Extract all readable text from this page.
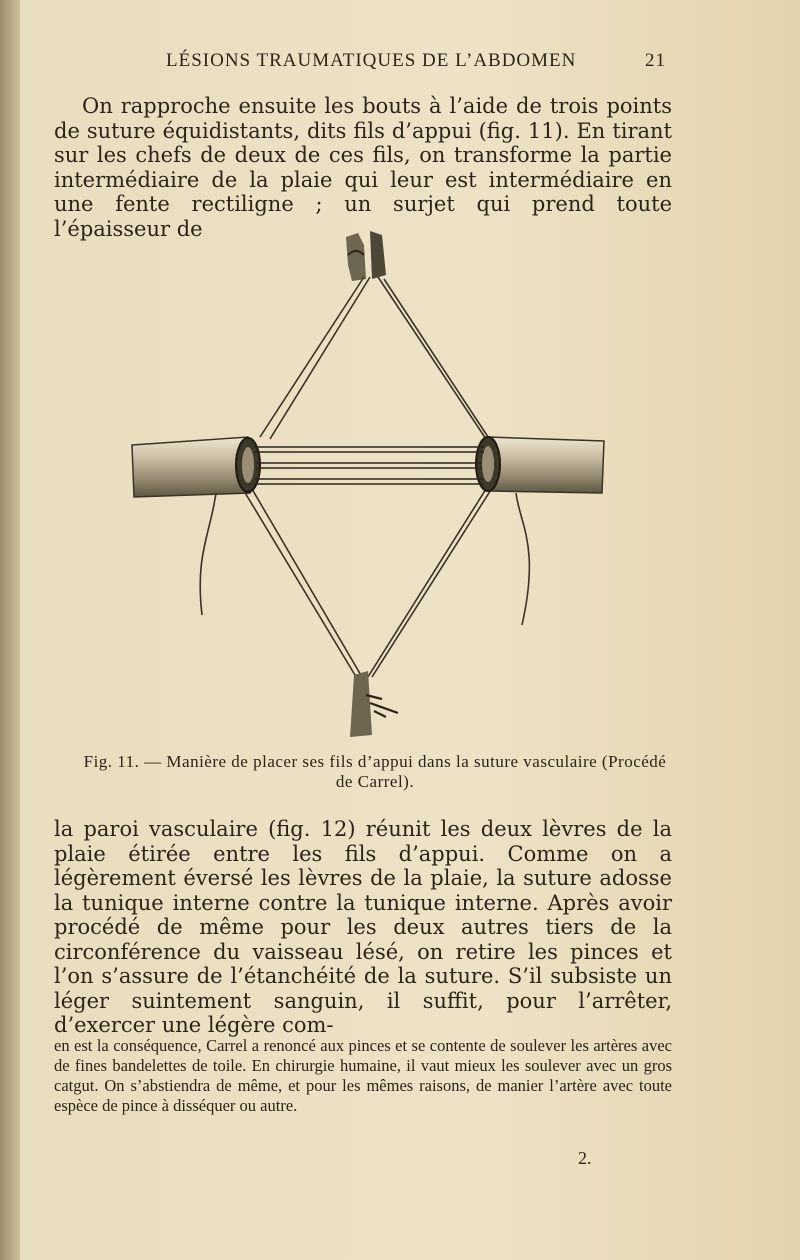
LÉSIONS TRAUMATIQUES DE L’ABDOMEN	21
On rapproche ensuite les bouts à l’aide de trois points de suture équidistants, dits fils d’appui (fig. 11). En tirant sur les chefs de deux de ces fils, on transforme la partie intermédiaire de la plaie qui leur est intermédiaire en une fente rectiligne ; un surjet qui prend toute l’épaisseur de
Fig. 11. — Manière de placer ses fils d’appui dans la suture vasculaire (Procédé de Carrel).
la paroi vasculaire (fig. 12) réunit les deux lèvres de la plaie étirée entre les fils d’appui. Comme on a légèrement éversé les lèvres de la plaie, la suture adosse la tunique interne contre la tunique interne. Après avoir procédé de même pour les deux autres tiers de la circonférence du vaisseau lésé, on retire les pinces et l’on s’assure de l’étanchéité de la suture. S’il subsiste un léger suintement sanguin, il suffit, pour l’arrêter, d’exercer une légère com-
en est la conséquence, Carrel a renoncé aux pinces et se contente de soulever les artères avec de fines bandelettes de toile. En chirurgie humaine, il vaut mieux les soulever avec un gros catgut. On s’abstiendra de même, et pour les mêmes raisons, de manier l’artère avec toute espèce de pince à disséquer ou autre.
2.
